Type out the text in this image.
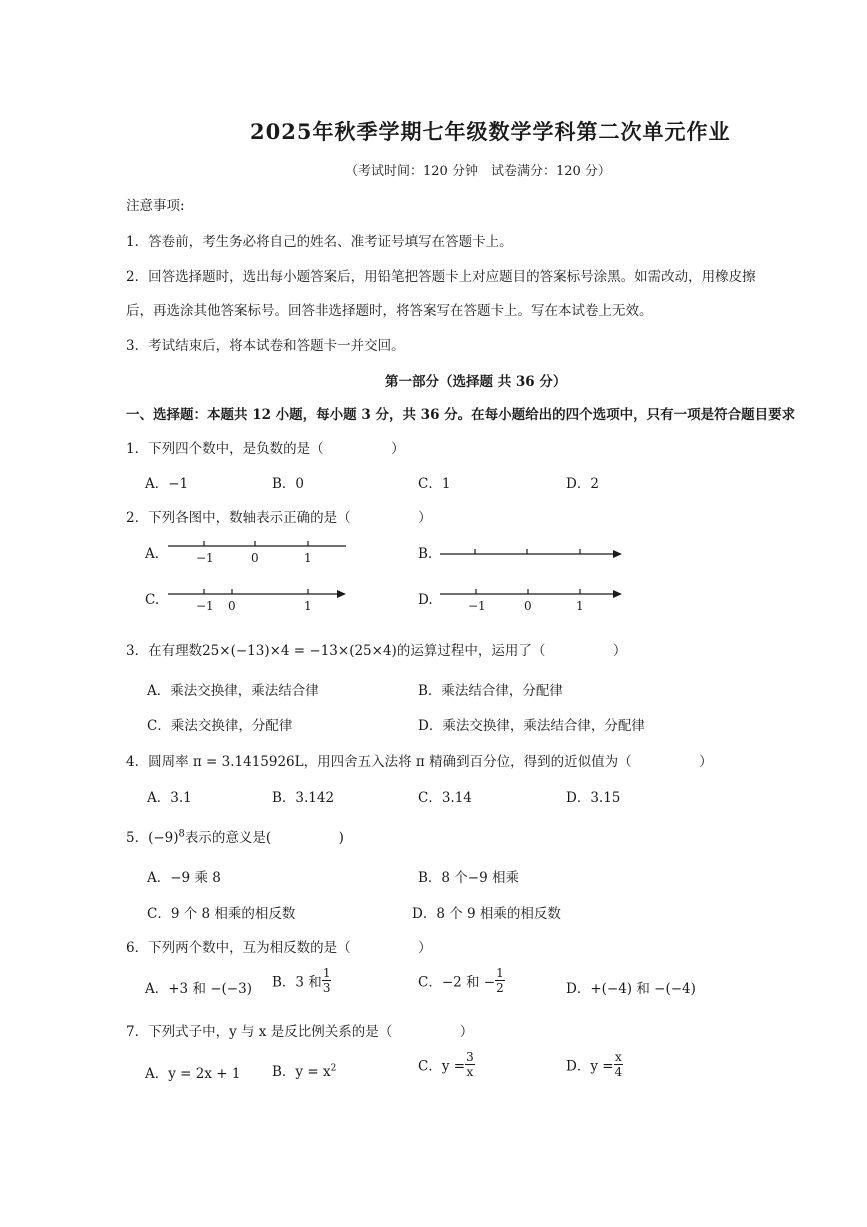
2025年秋季学期七年级数学学科第二次单元作业
（考试时间：120 分钟　试卷满分：120 分）
注意事项:
1．答卷前，考生务必将自己的姓名、准考证号填写在答题卡上。
2．回答选择题时，选出每小题答案后，用铅笔把答题卡上对应题目的答案标号涂黑。如需改动，用橡皮擦
后，再选涂其他答案标号。回答非选择题时，将答案写在答题卡上。写在本试卷上无效。
3．考试结束后，将本试卷和答题卡一并交回。
第一部分（选择题 共 36 分）
一、选择题：本题共 12 小题，每小题 3 分，共 36 分。在每小题给出的四个选项中，只有一项是符合题目要求
1．下列四个数中，是负数的是（　　　　　）
A．−1	B．0	C．1	D．2
2．下列各图中，数轴表示正确的是（　　　　　）
A.	−1	0	1	B.
C.	−1 0	1	D.	−1	0	1
3．在有理数25×(−13)×4 = −13×(25×4)的运算过程中，运用了（　　　　　）
A．乘法交换律，乘法结合律	B．乘法结合律，分配律
C．乘法交换律，分配律	D．乘法交换律，乘法结合律，分配律
4．圆周率 π = 3.1415926L，用四舍五入法将 π 精确到百分位，得到的近似值为（　　　　　）
A．3.1	B．3.142	C．3.14	D．3.15
5．$(-9)^8$表示的意义是(　　　　　)
A．−9 乘 8	B．8 个−9 相乘
C．9 个 8 相乘的相反数	D．8 个 9 相乘的相反数
6．下列两个数中，互为相反数的是（　　　　　）
A．+3 和 −(−3) B．3 和 $\frac{1}{3}$	C．−2 和 − $\frac{1}{2}$	D．+(−4) 和 −(−4)
7．下列式子中，y 与 x 是反比例关系的是（　　　　　）
A．y = 2x + 1 B．$y = x^2$	C．$y = \frac{3}{x}$	D．$y = \frac{x}{4}$
